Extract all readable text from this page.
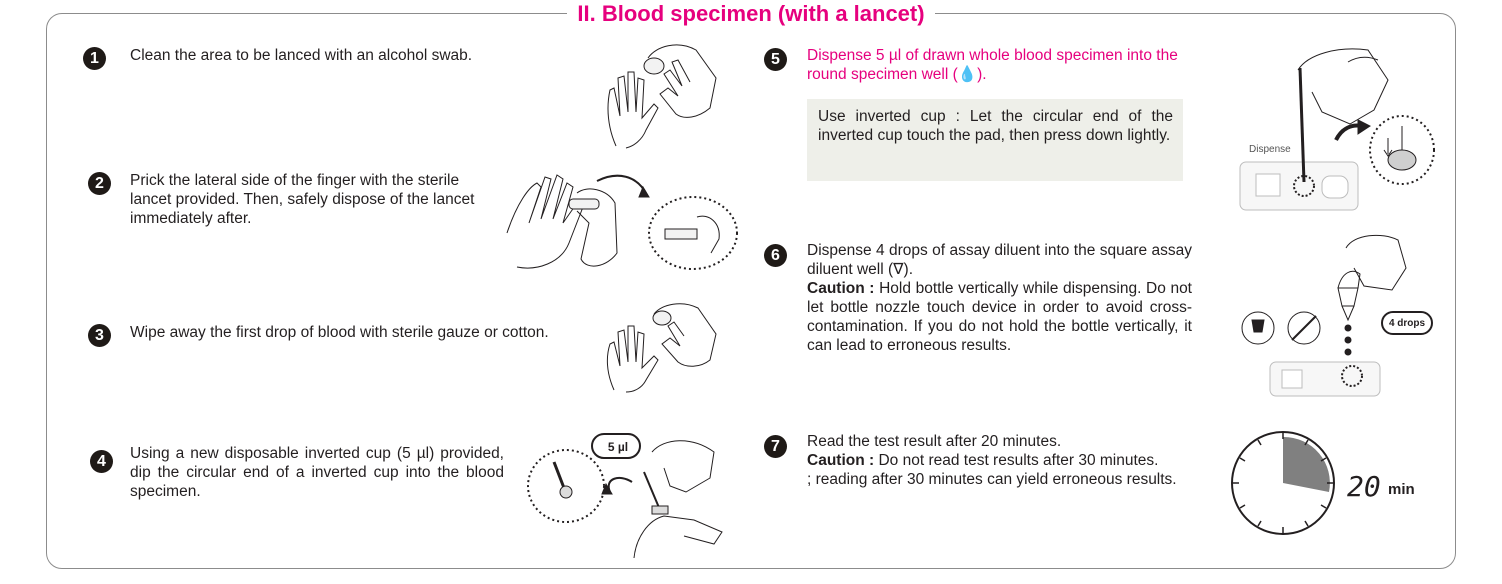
II. Blood specimen (with a lancet)
1	Clean the area to be lanced with an alcohol swab.
2	Prick the lateral side of the finger with the sterile lancet provided. Then, safely dispose of the lancet immediately after.
3	Wipe away the first drop of blood with sterile gauze or cotton.
4	Using a new disposable inverted cup (5 µl) provided, dip the circular end of a inverted cup into the blood specimen.
5	Dispense 5 µl of drawn whole blood specimen into the round specimen well (💧).
Use inverted cup : Let the circular end of the inverted cup touch the pad, then press down lightly.
6	Dispense 4 drops of assay diluent into the square assay diluent well (∇).
Caution : Hold bottle vertically while dispensing. Do not let bottle nozzle touch device in order to avoid cross-contamination. If you do not hold the bottle vertically, it can lead to erroneous results.
7	Read the test result after 20 minutes.
Caution : Do not read test results after 30 minutes.
; reading after 30 minutes can yield erroneous results.
5 µl
Dispense
4 drops
20 min
